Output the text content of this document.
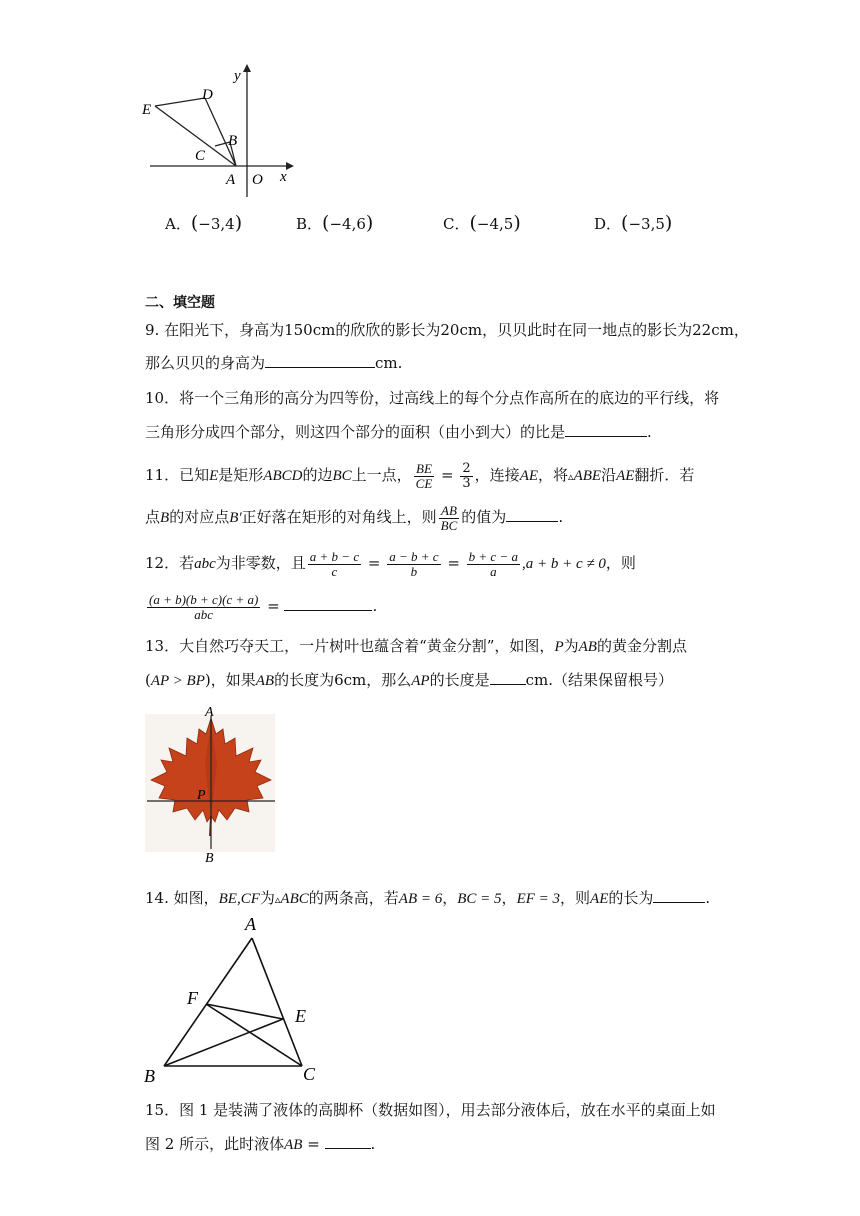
y
x
O
A
B
C
D
E
A．(−3,4)	B．(−4,6)	C．(−4,5)	D．(−3,5)
二、填空题
9. 在阳光下，身高为150cm的欣欣的影长为20cm，贝贝此时在同一地点的影长为22cm，
那么贝贝的身高为	cm.
10．将一个三角形的高分为四等份，过高线上的每个分点作高所在的底边的平行线，将
三角形分成四个部分，则这四个部分的面积（由小到大）的比是	.
11．已知E是矩形ABCD的边BC上一点， $\frac{BE}{CE} = \frac{2}{3}$ ，连接AE，将▵ABE沿AE翻折．若
点B的对应点B′正好落在矩形的对角线上，则 $\frac{AB}{BC}$ 的值为	.
12．若abc为非零数，且 $\frac{a + b - c}{c} = \frac{a - b + c}{b} = \frac{b + c - a}{a} ,a + b + c \ne 0$，则
$\frac{(a + b)(b + c)(c + a)}{\text{abc}}$ =	.
13．大自然巧夺天工，一片树叶也蕴含着“黄金分割”，如图，P为AB的黄金分割点
(AP > BP)，如果AB的长度为6cm，那么AP的长度是 cm.（结果保留根号）
A
P
B
14. 如图，BE,CF为▵ABC的两条高，若AB = 6，BC = 5，EF = 3，则AE的长为	.
A
F
E
B	C
15．图 1 是装满了液体的高脚杯（数据如图），用去部分液体后，放在水平的桌面上如
图 2 所示，此时液体AB =	.
